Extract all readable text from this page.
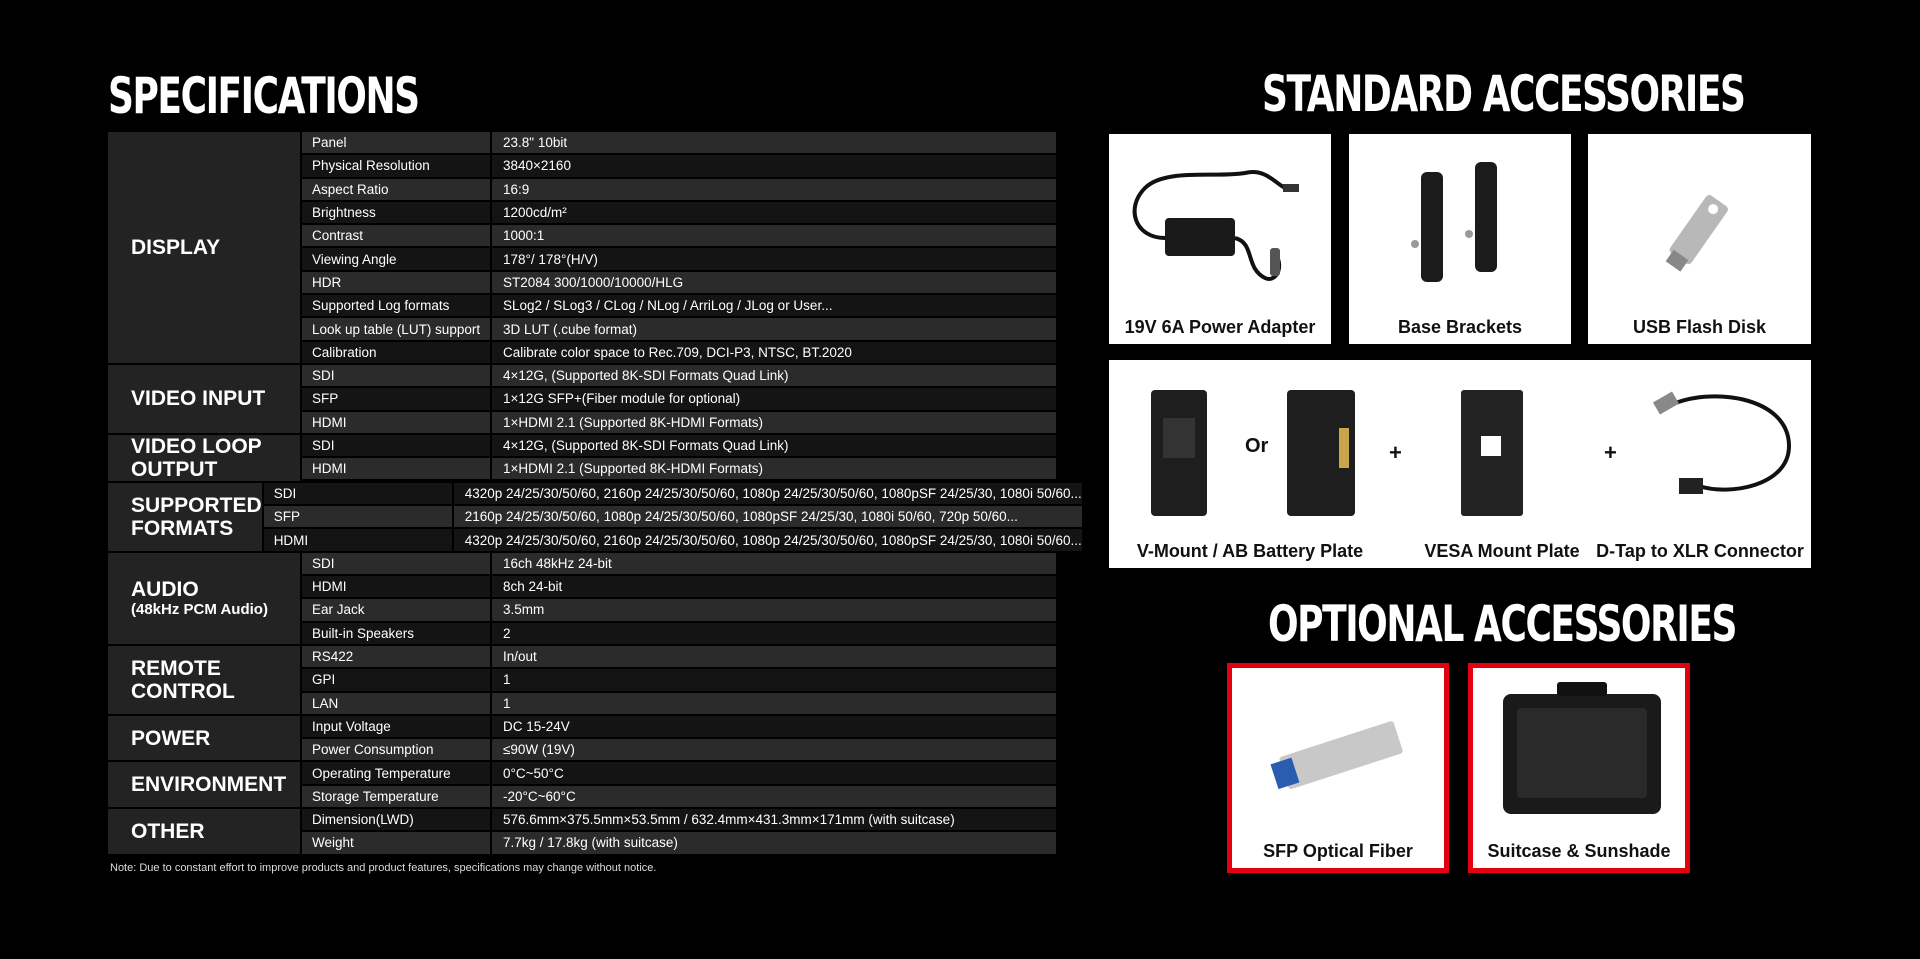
SPECIFICATIONS
DISPLAY
Panel	23.8" 10bit
Physical Resolution	3840×2160
Aspect Ratio	16:9
Brightness	1200cd/m²
Contrast	1000:1
Viewing Angle	178°/ 178°(H/V)
HDR	ST2084 300/1000/10000/HLG
Supported Log formats	SLog2 / SLog3 / CLog / NLog / ArriLog / JLog or User...
Look up table (LUT) support	3D LUT (.cube format)
Calibration	Calibrate color space to Rec.709, DCI-P3, NTSC, BT.2020
VIDEO INPUT
SDI	4×12G, (Supported 8K-SDI Formats Quad Link)
SFP	1×12G SFP+(Fiber module for optional)
HDMI	1×HDMI 2.1 (Supported 8K-HDMI Formats)
VIDEO LOOP OUTPUT
SDI	4×12G, (Supported 8K-SDI Formats Quad Link)
HDMI	1×HDMI 2.1 (Supported 8K-HDMI Formats)
SUPPORTED FORMATS
SDI	4320p 24/25/30/50/60, 2160p 24/25/30/50/60, 1080p 24/25/30/50/60, 1080pSF 24/25/30, 1080i 50/60...
SFP	2160p 24/25/30/50/60, 1080p 24/25/30/50/60, 1080pSF 24/25/30, 1080i 50/60, 720p 50/60...
HDMI	4320p 24/25/30/50/60, 2160p 24/25/30/50/60, 1080p 24/25/30/50/60, 1080pSF 24/25/30, 1080i 50/60...
AUDIO
(48kHz PCM Audio)
SDI	16ch 48kHz 24-bit
HDMI	8ch 24-bit
Ear Jack	3.5mm
Built-in Speakers	2
REMOTE CONTROL
RS422	In/out
GPI	1
LAN	1
POWER
Input Voltage	DC 15-24V
Power Consumption	≤90W (19V)
ENVIRONMENT
Operating Temperature	0°C~50°C
Storage Temperature	-20°C~60°C
OTHER
Dimension(LWD)	576.6mm×375.5mm×53.5mm / 632.4mm×431.3mm×171mm (with suitcase)
Weight	7.7kg / 17.8kg (with suitcase)
Note: Due to constant effort to improve products and product features, specifications may change without notice.
STANDARD ACCESSORIES
19V 6A Power Adapter	Base Brackets	USB Flash Disk
Or	+	+
V-Mount / AB Battery Plate	VESA Mount Plate D-Tap to XLR Connector
OPTIONAL ACCESSORIES
SFP Optical Fiber	Suitcase & Sunshade
